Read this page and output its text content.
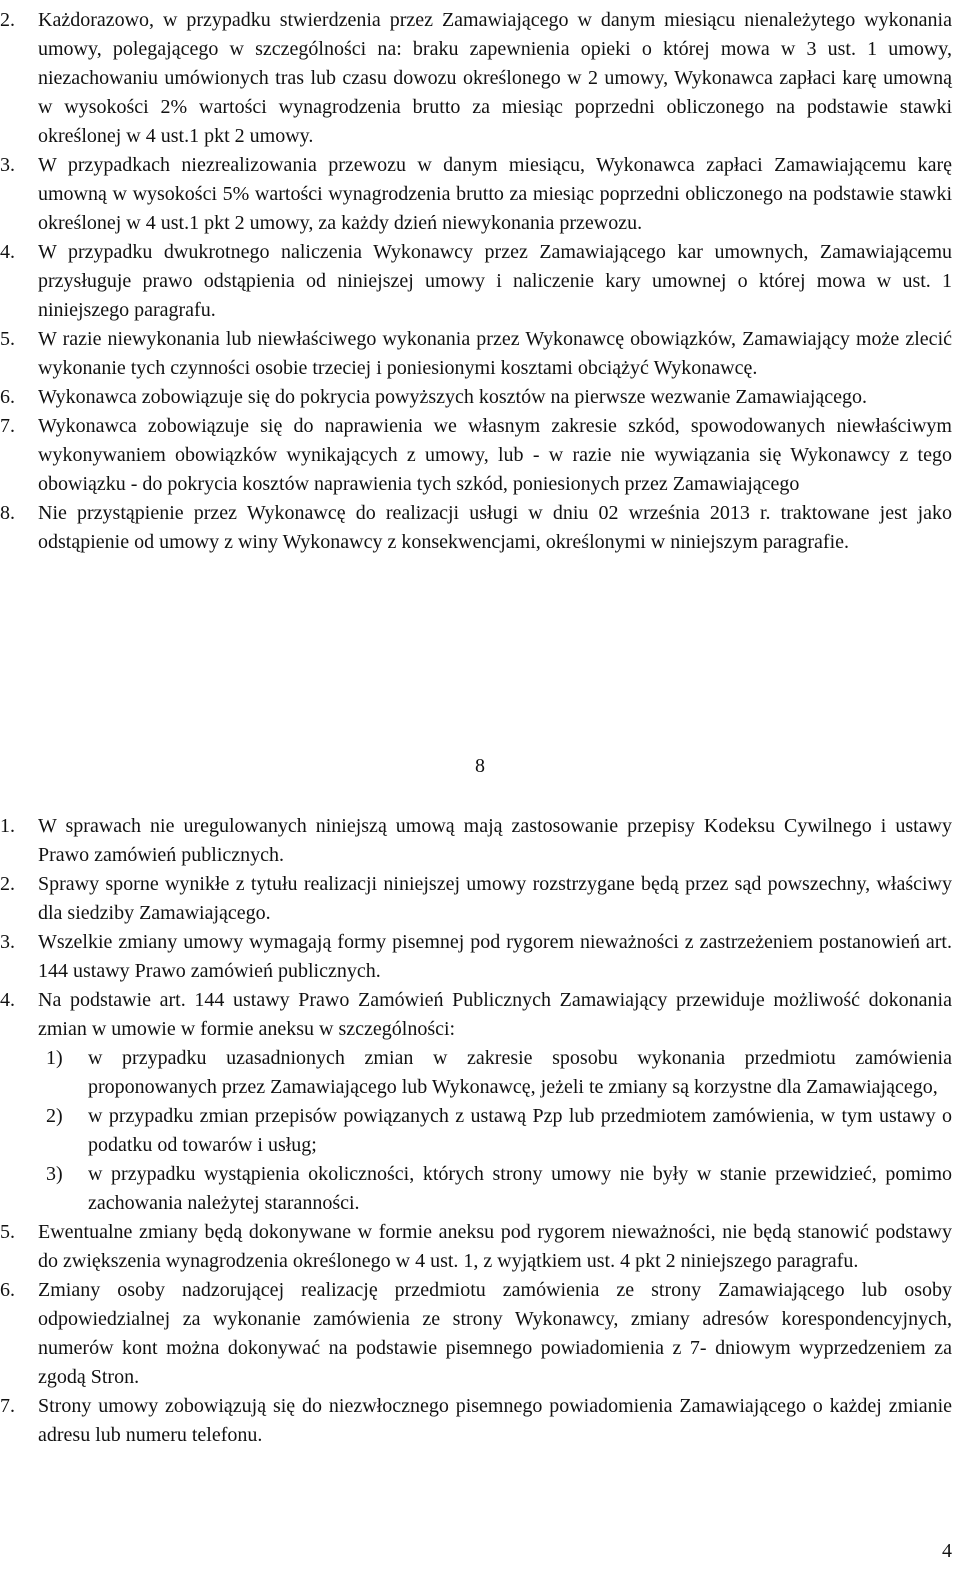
2. Każdorazowo, w przypadku stwierdzenia przez Zamawiającego w danym miesiącu nienależytego wykonania umowy, polegającego w szczególności na: braku zapewnienia opieki o której mowa w 3 ust. 1 umowy, niezachowaniu umówionych tras lub czasu dowozu określonego w 2 umowy, Wykonawca zapłaci karę umowną w wysokości 2% wartości wynagrodzenia brutto za miesiąc poprzedni obliczonego na podstawie stawki określonej w 4 ust.1 pkt 2 umowy.
3. W przypadkach niezrealizowania przewozu w danym miesiącu, Wykonawca zapłaci Zamawiającemu karę umowną w wysokości 5% wartości wynagrodzenia brutto za miesiąc poprzedni obliczonego na podstawie stawki określonej w 4 ust.1 pkt 2 umowy, za każdy dzień niewykonania przewozu.
4. W przypadku dwukrotnego naliczenia Wykonawcy przez Zamawiającego kar umownych, Zamawiającemu przysługuje prawo odstąpienia od niniejszej umowy i naliczenie kary umownej o której mowa w ust. 1 niniejszego paragrafu.
5. W razie niewykonania lub niewłaściwego wykonania przez Wykonawcę obowiązków, Zamawiający może zlecić wykonanie tych czynności osobie trzeciej i poniesionymi kosztami obciążyć Wykonawcę.
6. Wykonawca zobowiązuje się do pokrycia powyższych kosztów na pierwsze wezwanie Zamawiającego.
7. Wykonawca zobowiązuje się do naprawienia we własnym zakresie szkód, spowodowanych niewłaściwym wykonywaniem obowiązków wynikających z umowy, lub - w razie nie wywiązania się Wykonawcy z tego obowiązku - do pokrycia kosztów naprawienia tych szkód, poniesionych przez Zamawiającego
8. Nie przystąpienie przez Wykonawcę do realizacji usługi w dniu 02 września 2013 r. traktowane jest jako odstąpienie od umowy z winy Wykonawcy z konsekwencjami, określonymi w niniejszym paragrafie.
8
1. W sprawach nie uregulowanych niniejszą umową mają zastosowanie przepisy Kodeksu Cywilnego i ustawy Prawo zamówień publicznych.
2. Sprawy sporne wynikłe z tytułu realizacji niniejszej umowy rozstrzygane będą przez sąd powszechny, właściwy dla siedziby Zamawiającego.
3. Wszelkie zmiany umowy wymagają formy pisemnej pod rygorem nieważności z zastrzeżeniem postanowień art. 144 ustawy Prawo zamówień publicznych.
4. Na podstawie art. 144 ustawy Prawo Zamówień Publicznych Zamawiający przewiduje możliwość dokonania zmian w umowie w formie aneksu w szczególności:
1) w przypadku uzasadnionych zmian w zakresie sposobu wykonania przedmiotu zamówienia proponowanych przez Zamawiającego lub Wykonawcę, jeżeli te zmiany są korzystne dla Zamawiającego,
2) w przypadku zmian przepisów powiązanych z ustawą Pzp lub przedmiotem zamówienia, w tym ustawy o podatku od towarów i usług;
3) w przypadku wystąpienia okoliczności, których strony umowy nie były w stanie przewidzieć, pomimo zachowania należytej staranności.
5. Ewentualne zmiany będą dokonywane w formie aneksu pod rygorem nieważności, nie będą stanowić podstawy do zwiększenia wynagrodzenia określonego w 4 ust. 1, z wyjątkiem ust. 4 pkt 2 niniejszego paragrafu.
6. Zmiany osoby nadzorującej realizację przedmiotu zamówienia ze strony Zamawiającego lub osoby odpowiedzialnej za wykonanie zamówienia ze strony Wykonawcy, zmiany adresów korespondencyjnych, numerów kont można dokonywać na podstawie pisemnego powiadomienia z 7- dniowym wyprzedzeniem za zgodą Stron.
7. Strony umowy zobowiązują się do niezwłocznego pisemnego powiadomienia Zamawiającego o każdej zmianie adresu lub numeru telefonu.
4
